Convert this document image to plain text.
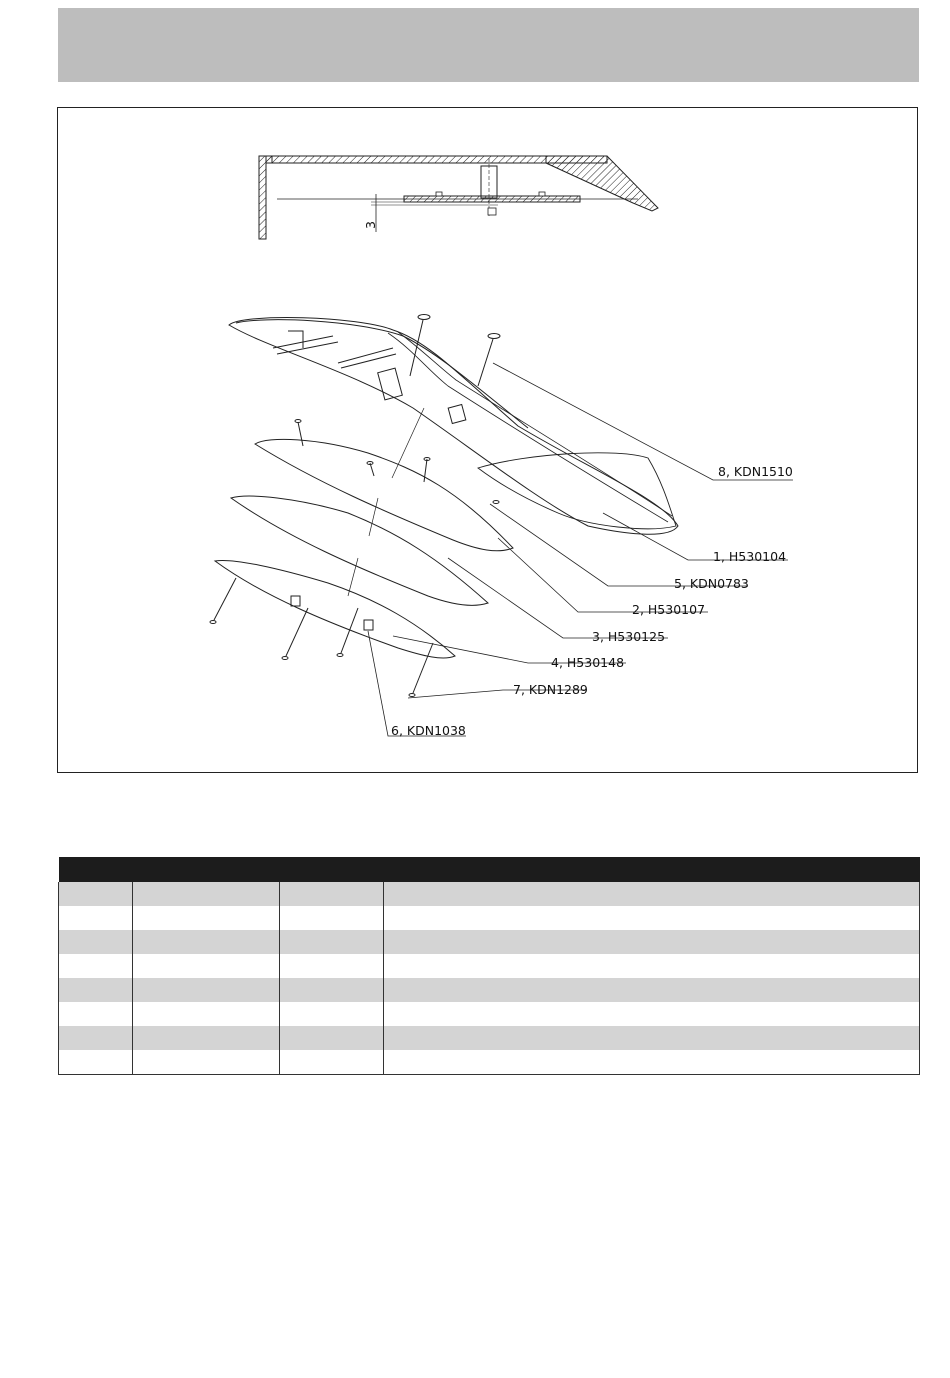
3
8, KDN1510
1, H530104
5, KDN0783
2, H530107
3, H530125
4, H530148
7, KDN1289
6, KDN1038
